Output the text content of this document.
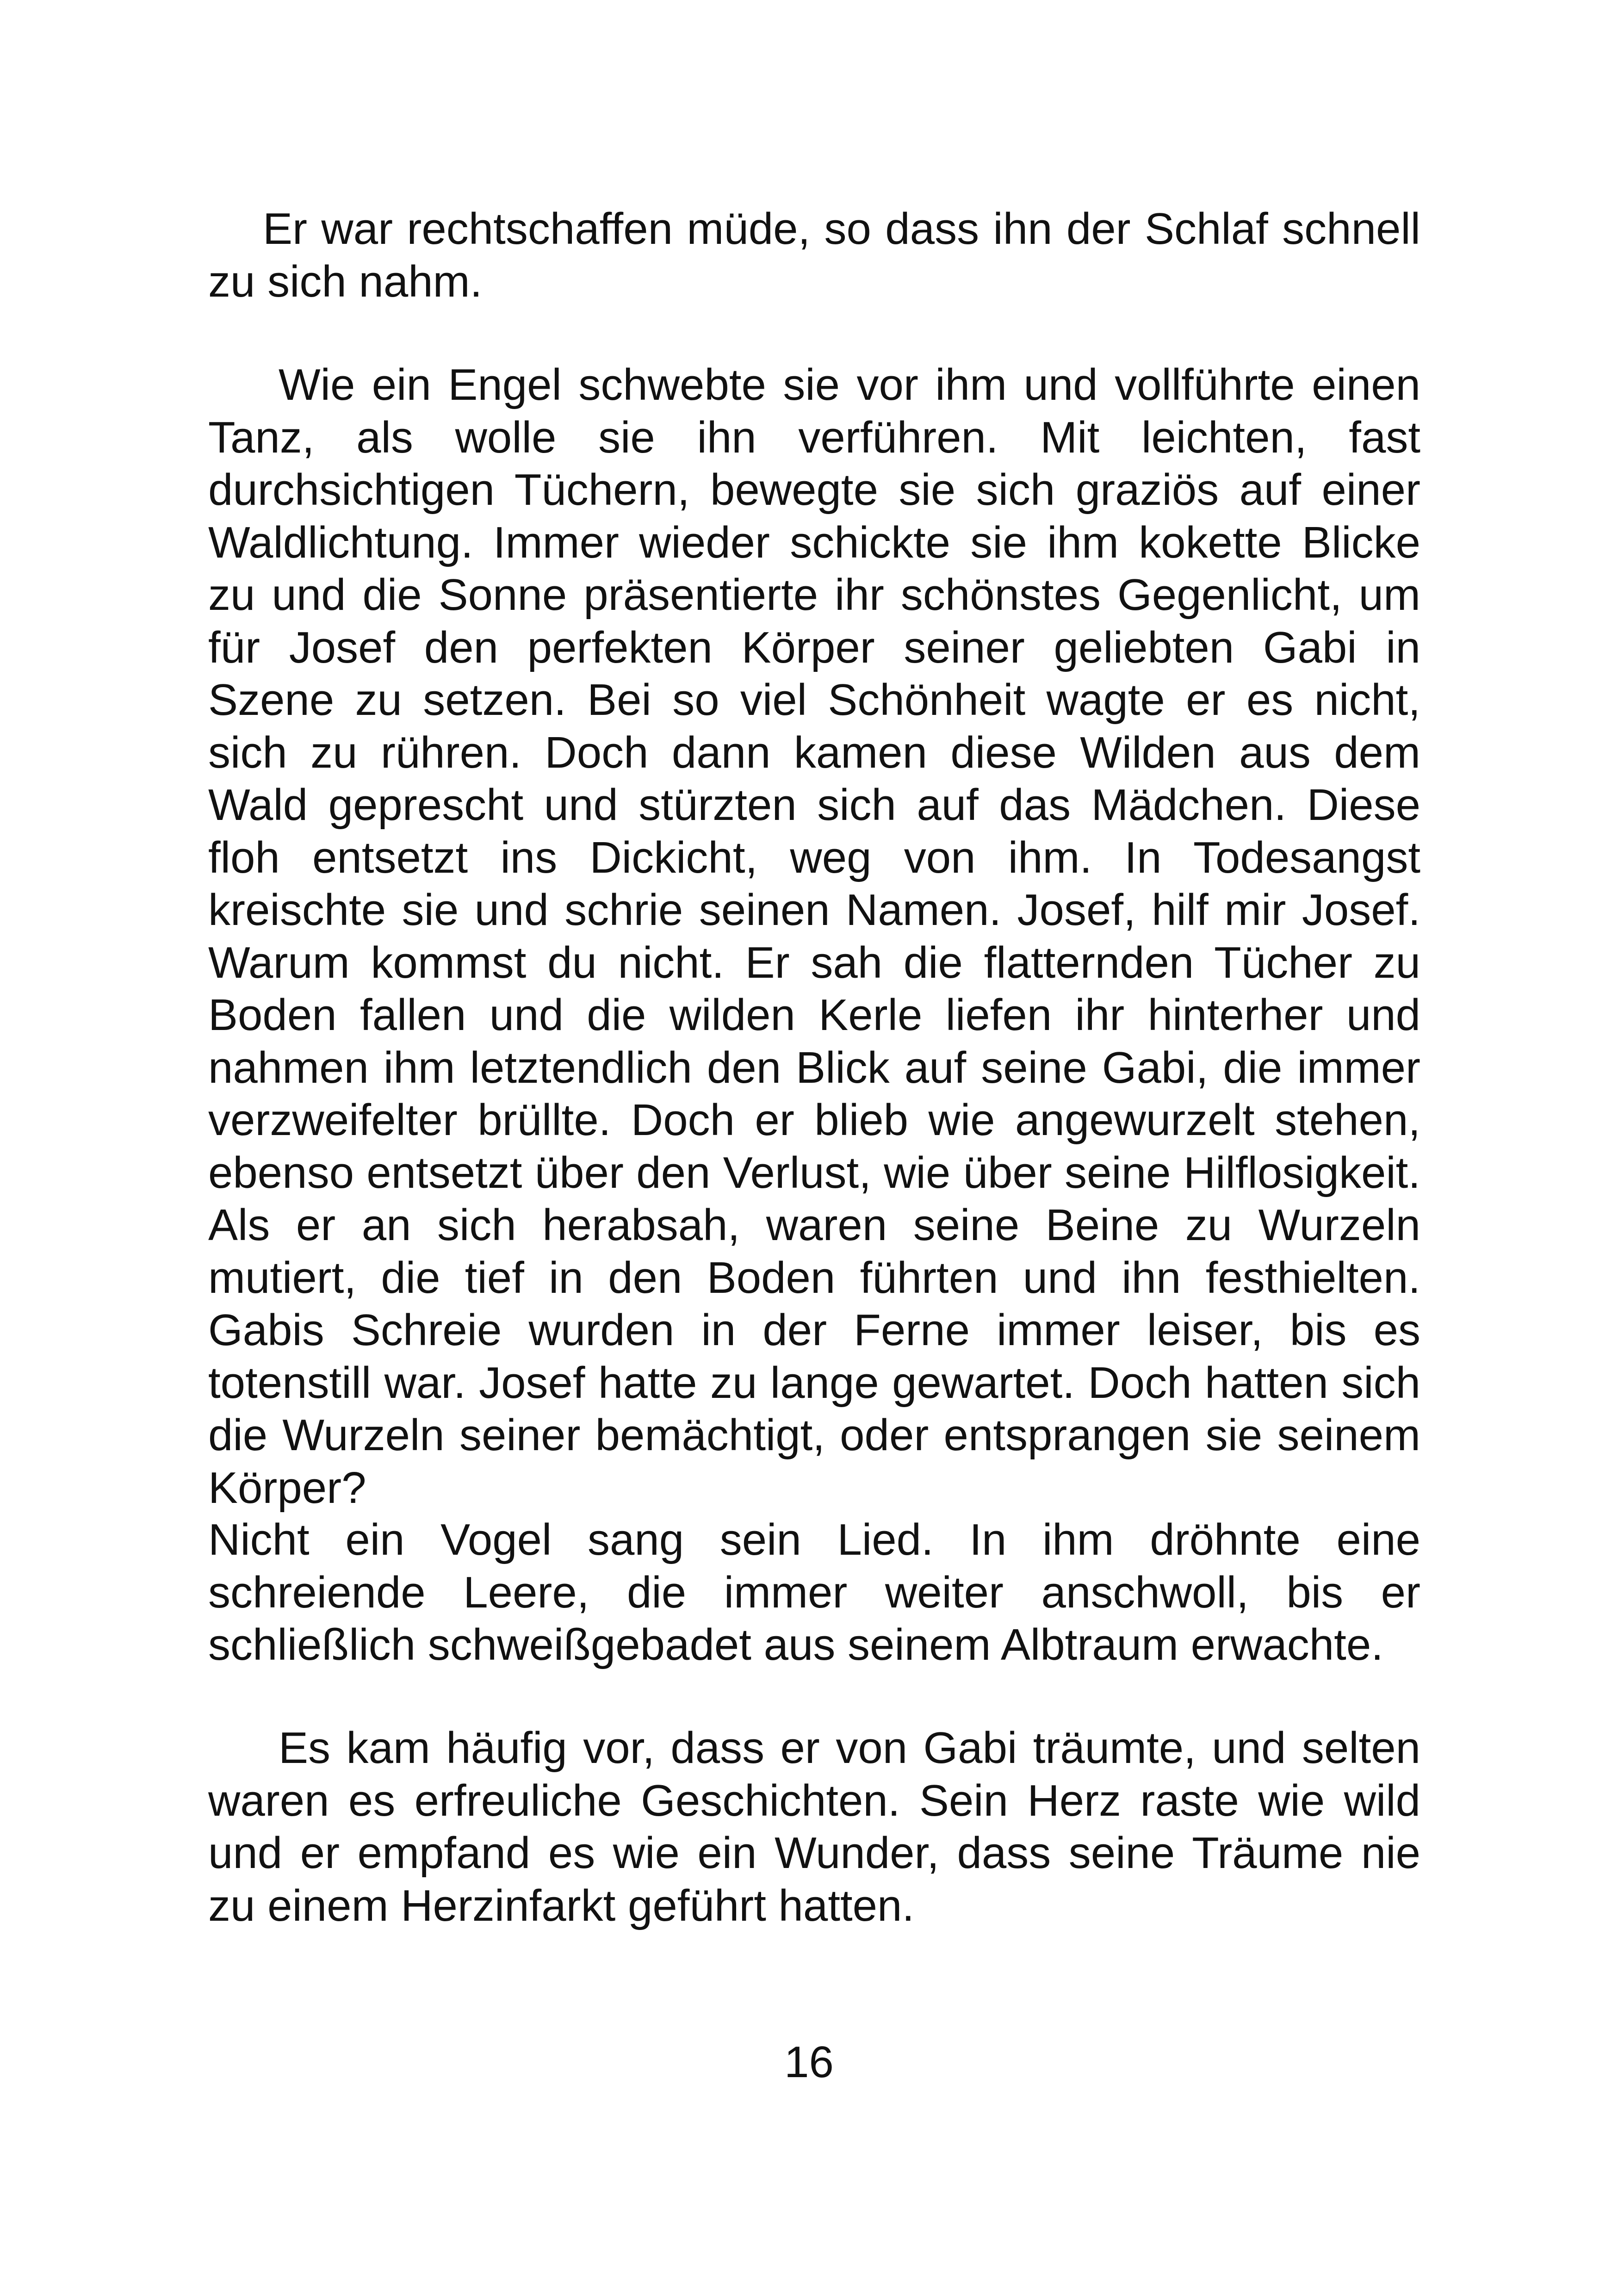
Er war rechtschaffen müde, so dass ihn der Schlaf schnell zu sich nahm.

Wie ein Engel schwebte sie vor ihm und vollführte einen Tanz, als wolle sie ihn verführen. Mit leichten, fast durchsichtigen Tüchern, bewegte sie sich graziös auf einer Waldlichtung. Immer wieder schickte sie ihm kokette Blicke zu und die Sonne präsentierte ihr schönstes Gegenlicht, um für Josef den perfekten Körper seiner geliebten Gabi in Szene zu setzen. Bei so viel Schönheit wagte er es nicht, sich zu rühren. Doch dann kamen diese Wilden aus dem Wald geprescht und stürzten sich auf das Mädchen. Diese floh entsetzt ins Dickicht, weg von ihm. In Todesangst kreischte sie und schrie seinen Namen. Josef, hilf mir Josef. Warum kommst du nicht. Er sah die flatternden Tücher zu Boden fallen und die wilden Kerle liefen ihr hinterher und nahmen ihm letztendlich den Blick auf seine Gabi, die immer verzweifelter brüllte. Doch er blieb wie angewurzelt stehen, ebenso entsetzt über den Verlust, wie über seine Hilflosigkeit. Als er an sich herabsah, waren seine Beine zu Wurzeln mutiert, die tief in den Boden führten und ihn festhielten. Gabis Schreie wurden in der Ferne immer leiser, bis es totenstill war. Josef hatte zu lange gewartet. Doch hatten sich die Wurzeln seiner bemächtigt, oder entsprangen sie seinem Körper?

Nicht ein Vogel sang sein Lied. In ihm dröhnte eine schreiende Leere, die immer weiter anschwoll, bis er schließlich schweißgebadet aus seinem Albtraum erwachte.

Es kam häufig vor, dass er von Gabi träumte, und selten waren es erfreuliche Geschichten. Sein Herz raste wie wild und er empfand es wie ein Wunder, dass seine Träume nie zu einem Herzinfarkt geführt hatten.

16
